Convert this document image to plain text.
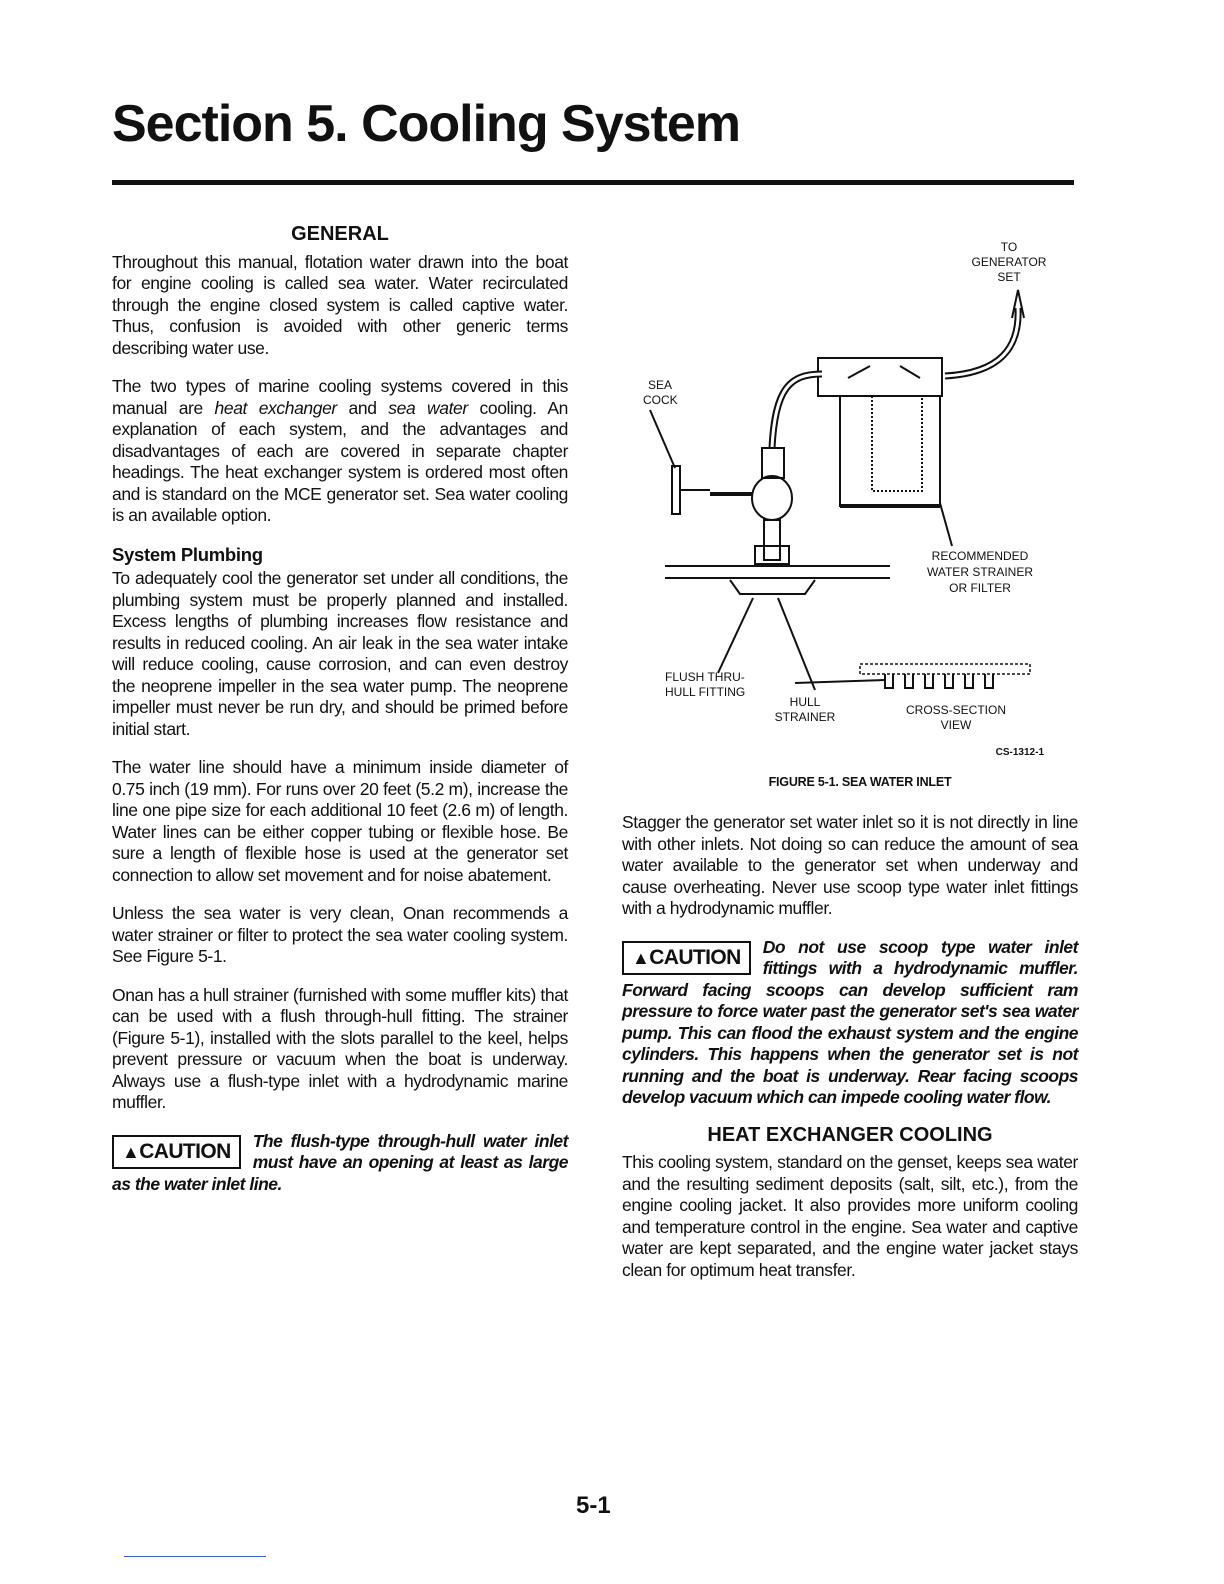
Section 5. Cooling System
GENERAL

Throughout this manual, flotation water drawn into the boat for engine cooling is called sea water. Water recirculated through the engine closed system is called captive water. Thus, confusion is avoided with other generic terms describing water use.

The two types of marine cooling systems covered in this manual are heat exchanger and sea water cooling. An explanation of each system, and the advantages and disadvantages of each are covered in separate chapter headings. The heat exchanger system is ordered most often and is standard on the MCE generator set. Sea water cooling is an available option.

System Plumbing

To adequately cool the generator set under all conditions, the plumbing system must be properly planned and installed. Excess lengths of plumbing increases flow resistance and results in reduced cooling. An air leak in the sea water intake will reduce cooling, cause corrosion, and can even destroy the neoprene impeller in the sea water pump. The neoprene impeller must never be run dry, and should be primed before initial start.

The water line should have a minimum inside diameter of 0.75 inch (19 mm). For runs over 20 feet (5.2 m), increase the line one pipe size for each additional 10 feet (2.6 m) of length. Water lines can be either copper tubing or flexible hose. Be sure a length of flexible hose is used at the generator set connection to allow set movement and for noise abatement.

Unless the sea water is very clean, Onan recommends a water strainer or filter to protect the sea water cooling system. See Figure 5-1.

Onan has a hull strainer (furnished with some muffler kits) that can be used with a flush through-hull fitting. The strainer (Figure 5-1), installed with the slots parallel to the keel, helps prevent pressure or vacuum when the boat is underway. Always use a flush-type inlet with a hydrodynamic marine muffler.

▲CAUTION	The flush-type through-hull water inlet must have an opening at least as large as the water inlet line.
TO
GENERATOR
SET
SEA
COCK
RECOMMENDED
WATER STRAINER
OR FILTER
FLUSH THRU-
HULL FITTING
HULL
STRAINER	CROSS-SECTION
VIEW
CS-1312-1
FIGURE 5-1. SEA WATER INLET

Stagger the generator set water inlet so it is not directly in line with other inlets. Not doing so can reduce the amount of sea water available to the generator set when underway and cause overheating. Never use scoop type water inlet fittings with a hydrodynamic muffler.

▲CAUTION	Do not use scoop type water inlet fittings with a hydrodynamic muffler. Forward facing scoops can develop sufficient ram pressure to force water past the generator set's sea water pump. This can flood the exhaust system and the engine cylinders. This happens when the generator set is not running and the boat is underway. Rear facing scoops develop vacuum which can impede cooling water flow.
HEAT EXCHANGER COOLING

This cooling system, standard on the genset, keeps sea water and the resulting sediment deposits (salt, silt, etc.), from the engine cooling jacket. It also provides more uniform cooling and temperature control in the engine. Sea water and captive water are kept separated, and the engine water jacket stays clean for optimum heat transfer.

5-1
